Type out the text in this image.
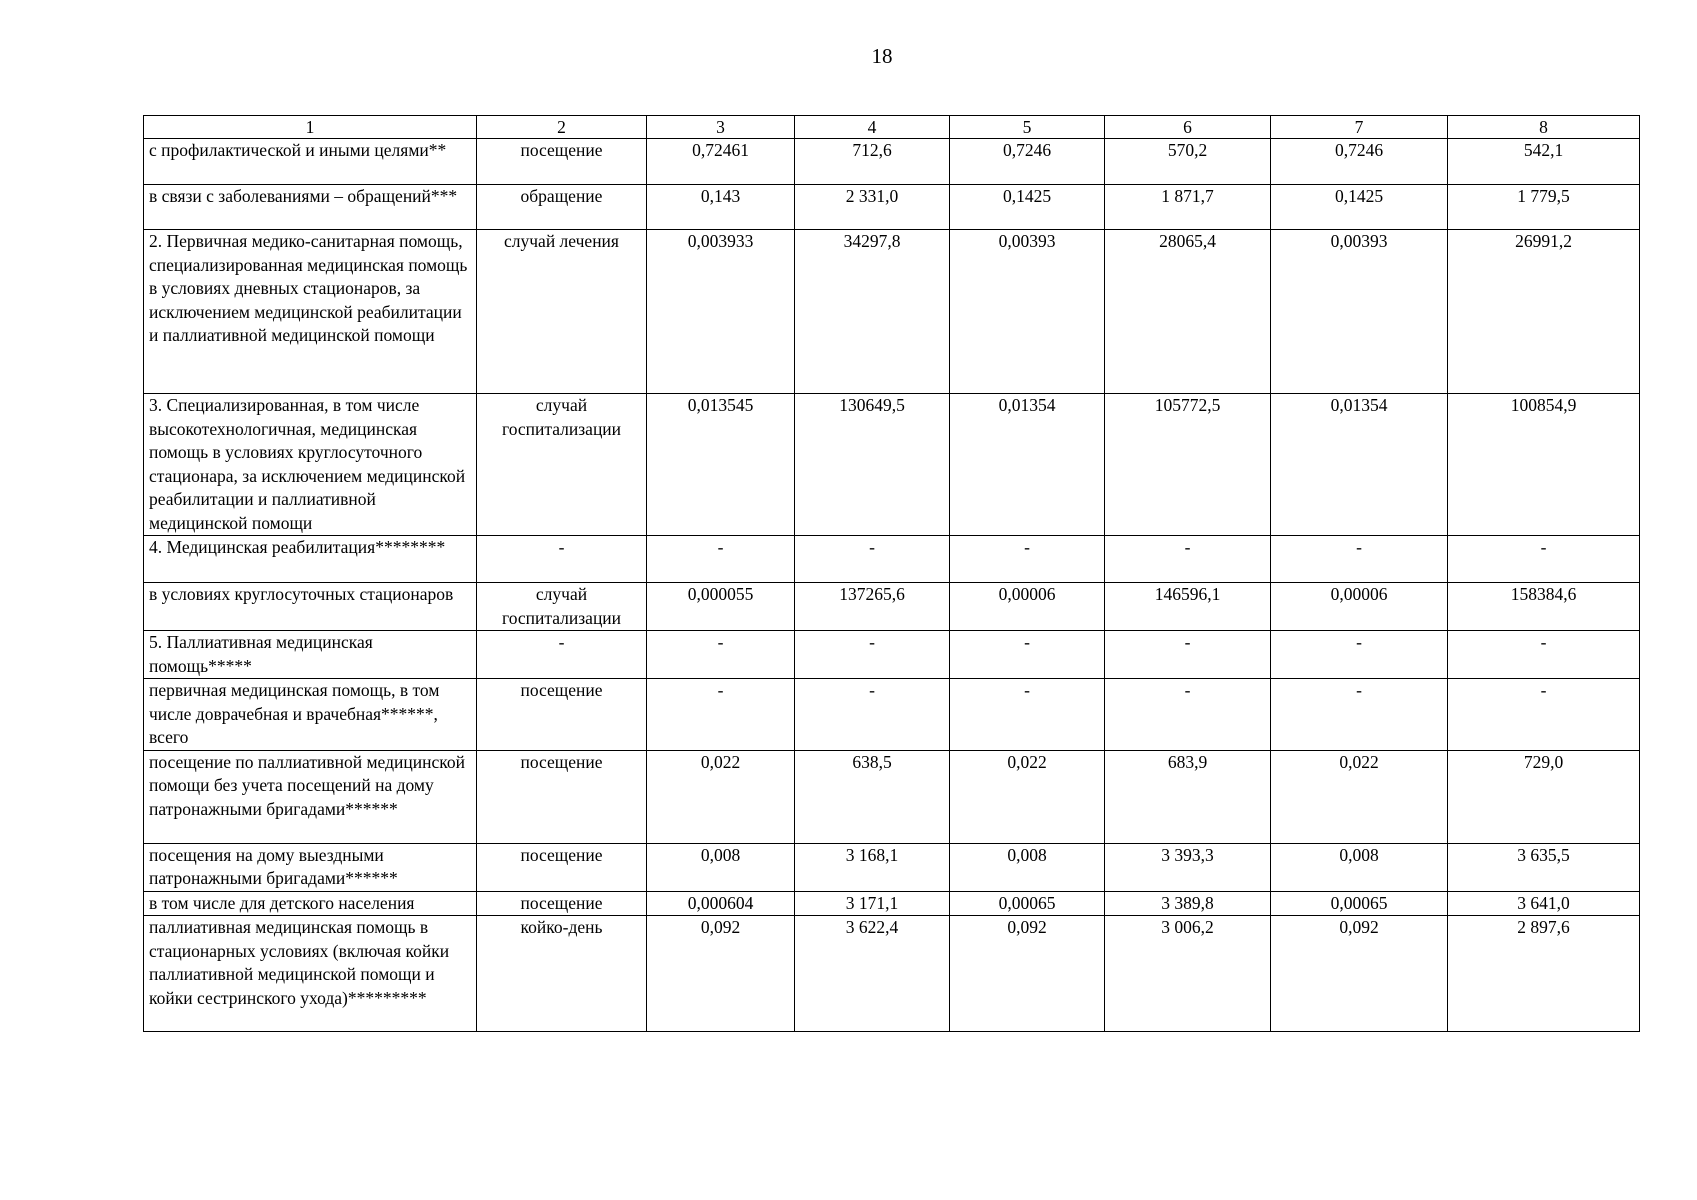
18
1	2	3	4	5	6	7	8
с профилактической и иными целями**	посещение	0,72461	712,6	0,7246	570,2	0,7246	542,1
в связи с заболеваниями – обращений***	обращение	0,143	2 331,0	0,1425	1 871,7	0,1425	1 779,5
2. Первичная медико-санитарная помощь, специализированная медицинская помощь в условиях дневных стационаров, за исключением медицинской реабилитации и паллиативной медицинской помощи	случай лечения	0,003933	34297,8	0,00393	28065,4	0,00393	26991,2
3. Специализированная, в том числе высокотехнологичная, медицинская помощь в условиях круглосуточного стационара, за исключением медицинской реабилитации и паллиативной медицинской помощи	случай госпитализации	0,013545	130649,5	0,01354	105772,5	0,01354	100854,9
4. Медицинская реабилитация********	-	-	-	-	-	-	-
в условиях круглосуточных стационаров	случай госпитализации	0,000055	137265,6	0,00006	146596,1	0,00006	158384,6
5. Паллиативная медицинская помощь*****	-	-	-	-	-	-	-
первичная медицинская помощь, в том числе доврачебная и врачебная******, всего	посещение	-	-	-	-	-	-
посещение по паллиативной медицинской помощи без учета посещений на дому патронажными бригадами******	посещение	0,022	638,5	0,022	683,9	0,022	729,0
посещения на дому выездными патронажными бригадами******	посещение	0,008	3 168,1	0,008	3 393,3	0,008	3 635,5
в том числе для детского населения	посещение	0,000604	3 171,1	0,00065	3 389,8	0,00065	3 641,0
паллиативная медицинская помощь в стационарных условиях (включая койки паллиативной медицинской помощи и койки сестринского ухода)*********	койко-день	0,092	3 622,4	0,092	3 006,2	0,092	2 897,6
